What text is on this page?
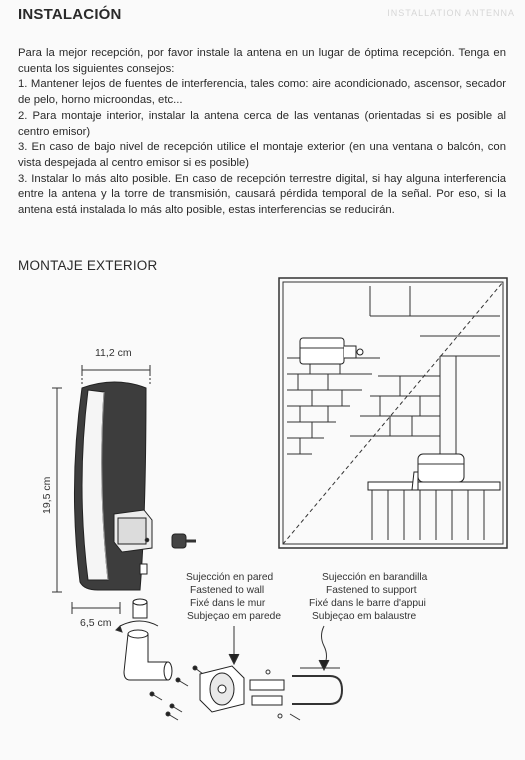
INSTALLATION ANTENNA
INSTALACIÓN

Para la mejor recepción, por favor instale la antena en un lugar de óptima recepción. Tenga en cuenta los siguientes consejos:

1. Mantener lejos de fuentes de interferencia, tales como: aire acondicionado, ascensor, secador de pelo, horno microondas, etc...

2. Para montaje interior, instalar la antena cerca de las ventanas (orientadas si es posible al centro emisor)

3. En caso de bajo nivel de recepción utilice el montaje exterior (en una ventana o balcón, con vista despejada al centro emisor si es posible)

3. Instalar lo más alto posible. En caso de recepción terrestre digital, si hay alguna interferencia entre la antena y la torre de transmisión, causará pérdida temporal de la señal. Por eso, si la antena está instalada lo más alto posible, estas interferencias se reducirán.

MONTAJE EXTERIOR
11,2 cm
19,5 cm
6,5 cm
Sujección en pared
Fastened to wall
Fixé dans le mur
Subjeçao em parede
Sujección en barandilla
Fastened to support
Fixé dans le barre d'appui
Subjeçao em balaustre
